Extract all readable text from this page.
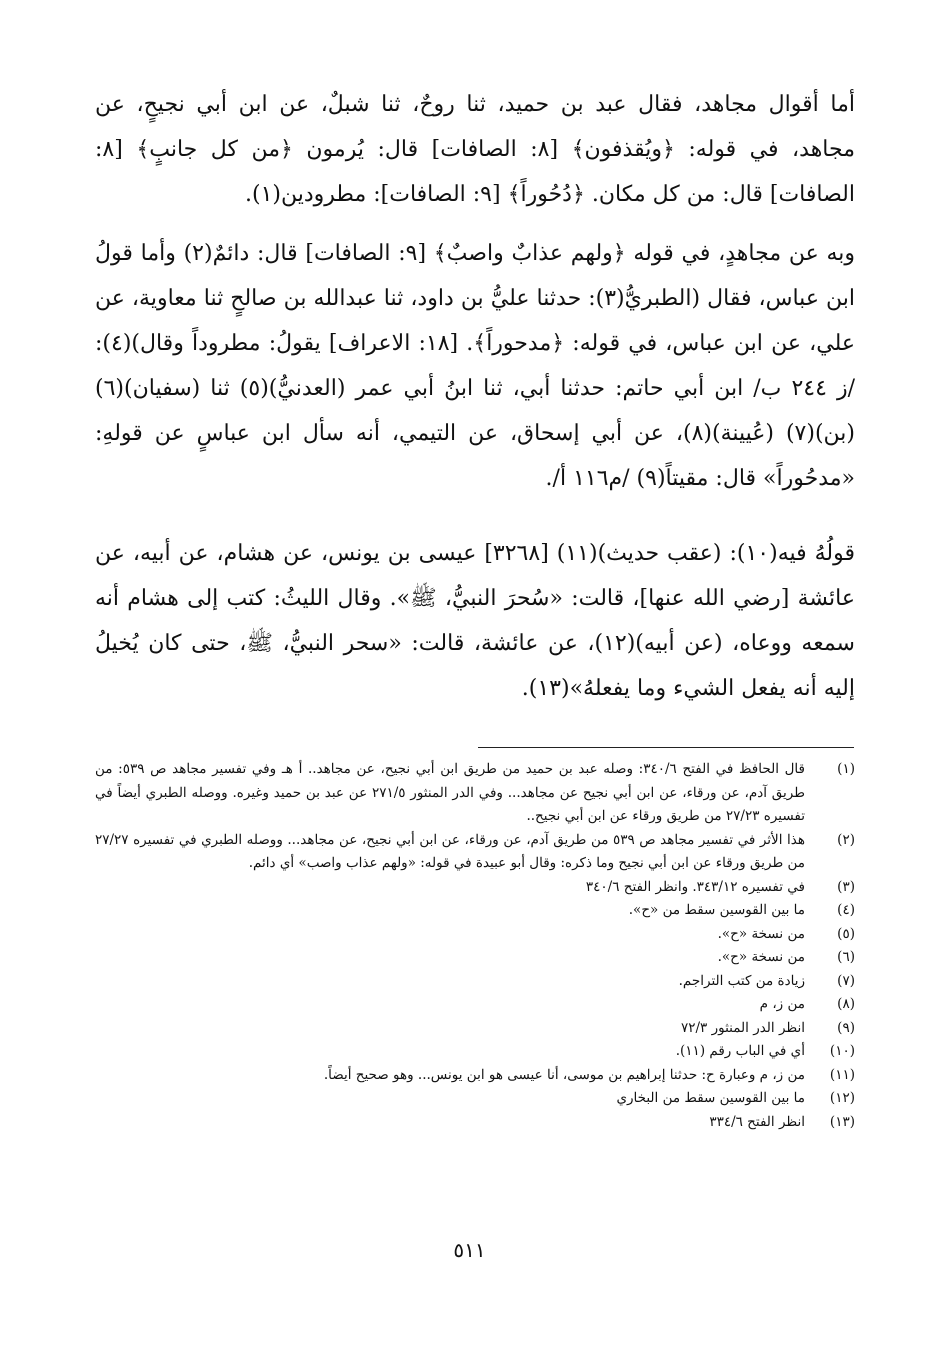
أما أقوال مجاهد، فقال عبد بن حميد، ثنا روحٌ، ثنا شبلٌ، عن ابن أبي نجيحٍ، عن مجاهد، في قوله: ﴿ويُقذفون﴾ [٨: الصافات] قال: يُرمون ﴿من كل جانبٍ﴾ [٨: الصافات] قال: من كل مكان. ﴿دُحُوراً﴾ [٩: الصافات]: مطرودين(١).

وبه عن مجاهدٍ، في قوله ﴿ولهم عذابٌ واصبٌ﴾ [٩: الصافات] قال: دائمٌ(٢) وأما قولُ ابن عباس، فقال (الطبريُّ(٣): حدثنا عليُّ بن داود، ثنا عبدالله بن صالحٍ ثنا معاوية، عن علي، عن ابن عباس، في قوله: ﴿مدحوراً﴾. [١٨: الاعراف] يقولُ: مطروداً وقال)(٤): /ز ٢٤٤ ب/ ابن أبي حاتم: حدثنا أبي، ثنا ابنُ أبي عمر (العدنيُّ)(٥) ثنا (سفيان)(٦) (بن)(٧) (عُيينة)(٨)، عن أبي إسحاق، عن التيمي، أنه سأل ابن عباسٍ عن قولهِ: «مدحُوراً» قال: مقيتاً(٩) /م١١٦ أ/.

قولُهُ فيه(١٠): (عقب حديث)(١١) [٣٢٦٨] عيسى بن يونس، عن هشام، عن أبيه، عن عائشة [رضي الله عنها]، قالت: «سُحرَ النبيُّ، ﷺ». وقال الليثُ: كتب إلى هشام أنه سمعه ووعاه، (عن أبيه)(١٢)، عن عائشة، قالت: «سحر النبيُّ، ﷺ، حتى كان يُخيلُ إليه أنه يفعل الشيء وما يفعلهُ»(١٣).

(١)
قال الحافظ في الفتح ٣٤٠/٦: وصله عبد بن حميد من طريق ابن أبي نجيح، عن مجاهد.. أ هـ وفي تفسير مجاهد ص ٥٣٩: من طريق آدم، عن ورقاء، عن ابن أبي نجيح عن مجاهد... وفي الدر المنثور ٢٧١/٥ عن عبد بن حميد وغيره. ووصله الطبري أيضاً في تفسيره ٢٧/٢٣ من طريق ورقاء عن ابن أبي نجيح..
(٢)
هذا الأثر في تفسير مجاهد ص ٥٣٩ من طريق آدم، عن ورقاء، عن ابن أبي نجيح، عن مجاهد... ووصله الطبري في تفسيره ٢٧/٢٧ من طريق ورقاء عن ابن أبي نجيح وما ذكره: وقال أبو عبيدة في قوله: «ولهم عذاب واصب» أي دائم.
(٣)
في تفسيره ٣٤٣/١٢. وانظر الفتح ٣٤٠/٦
(٤)
ما بين القوسين سقط من «ح».
(٥)
من نسخة «ح».
(٦)
من نسخة «ح».
(٧)
زيادة من كتب التراجم.
(٨)
من ز، م
(٩)
انظر الدر المنثور ٧٢/٣
(١٠)
أي في الباب رقم (١١).
(١١)
من ز، م وعبارة ح: حدثنا إبراهيم بن موسى، أنا عيسى هو ابن يونس... وهو صحيح أيضاً.
(١٢)
ما بين القوسين سقط من البخاري
(١٣)
انظر الفتح ٣٣٤/٦
٥١١
